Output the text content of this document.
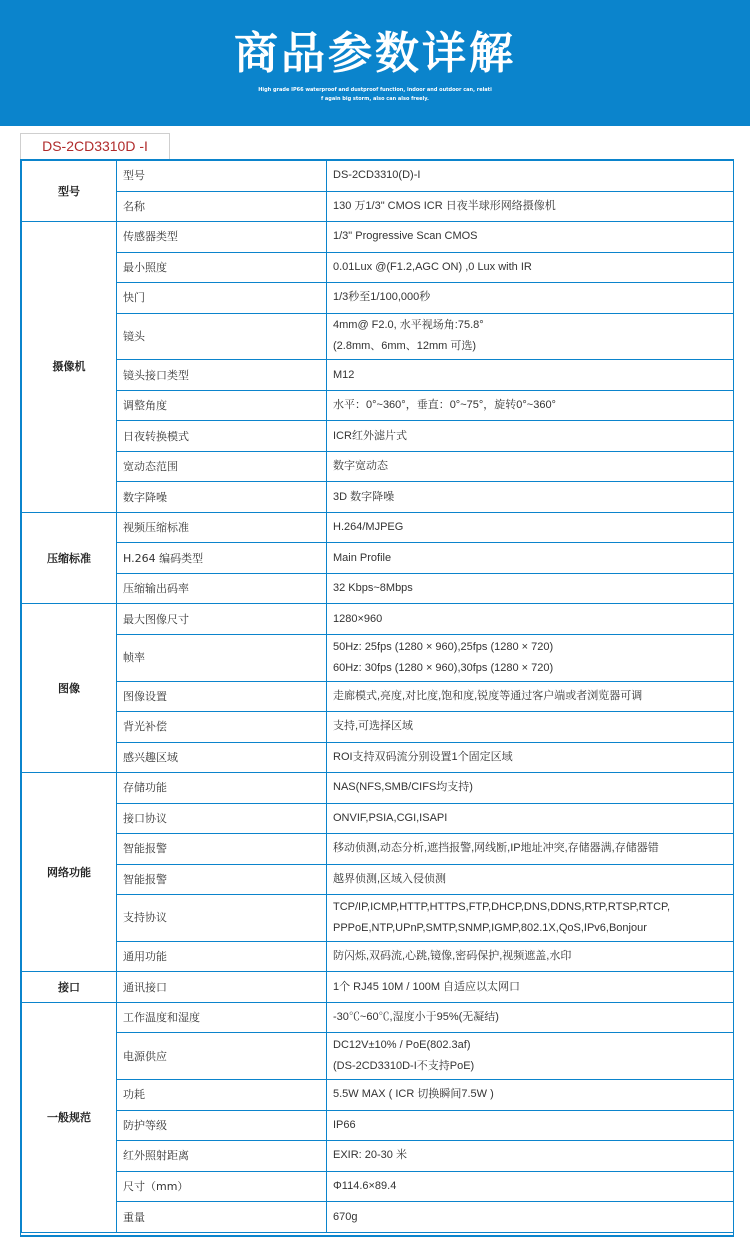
商品参数详解
High grade IP66 waterproof and dustproof function, indoor and outdoor can, relati
f again big storm, also can also freely.
DS-2CD3310D -I
型号	型号	DS-2CD3310(D)-I

	名称	130 万1/3" CMOS ICR 日夜半球形网络摄像机

摄像机	传感器类型	1/3" Progressive Scan CMOS

	最小照度	0.01Lux @(F1.2,AGC ON) ,0 Lux with IR

	快门	1/3秒至1/100,000秒

	镜头	4mm@ F2.0, 水平视场角:75.8°
(2.8mm、6mm、12mm 可选)

	镜头接口类型	M12

	调整角度	水平：0°~360°，垂直：0°~75°，旋转0°~360°

	日夜转换模式	ICR红外滤片式

	宽动态范围	数字宽动态

	数字降噪	3D 数字降噪

压缩标准	视频压缩标准	H.264/MJPEG

	H.264 编码类型	Main Profile

	压缩输出码率	32 Kbps~8Mbps

图像	最大图像尺寸	1280×960

	帧率	50Hz: 25fps (1280 × 960),25fps (1280 × 720)
60Hz: 30fps (1280 × 960),30fps (1280 × 720)

	图像设置	走廊模式,亮度,对比度,饱和度,锐度等通过客户端或者浏览器可调

	背光补偿	支持,可选择区域

	感兴趣区域	ROI支持双码流分别设置1个固定区域

网络功能	存储功能	NAS(NFS,SMB/CIFS均支持)

	接口协议	ONVIF,PSIA,CGI,ISAPI

	智能报警	移动侦测,动态分析,遮挡报警,网线断,IP地址冲突,存储器满,存储器错

	智能报警	越界侦测,区域入侵侦测

	支持协议	TCP/IP,ICMP,HTTP,HTTPS,FTP,DHCP,DNS,DDNS,RTP,RTSP,RTCP,
PPPoE,NTP,UPnP,SMTP,SNMP,IGMP,802.1X,QoS,IPv6,Bonjour

	通用功能	防闪烁,双码流,心跳,镜像,密码保护,视频遮盖,水印

接口	通讯接口	1个 RJ45 10M / 100M 自适应以太网口

一般规范	工作温度和湿度	-30℃~60℃,湿度小于95%(无凝结)

	电源供应	DC12V±10% / PoE(802.3af)
(DS-2CD3310D-I不支持PoE)

	功耗	5.5W MAX ( ICR 切换瞬间7.5W )

	防护等级	IP66

	红外照射距离	EXIR: 20-30 米

	尺寸（mm）	Φ114.6×89.4

	重量	670g
